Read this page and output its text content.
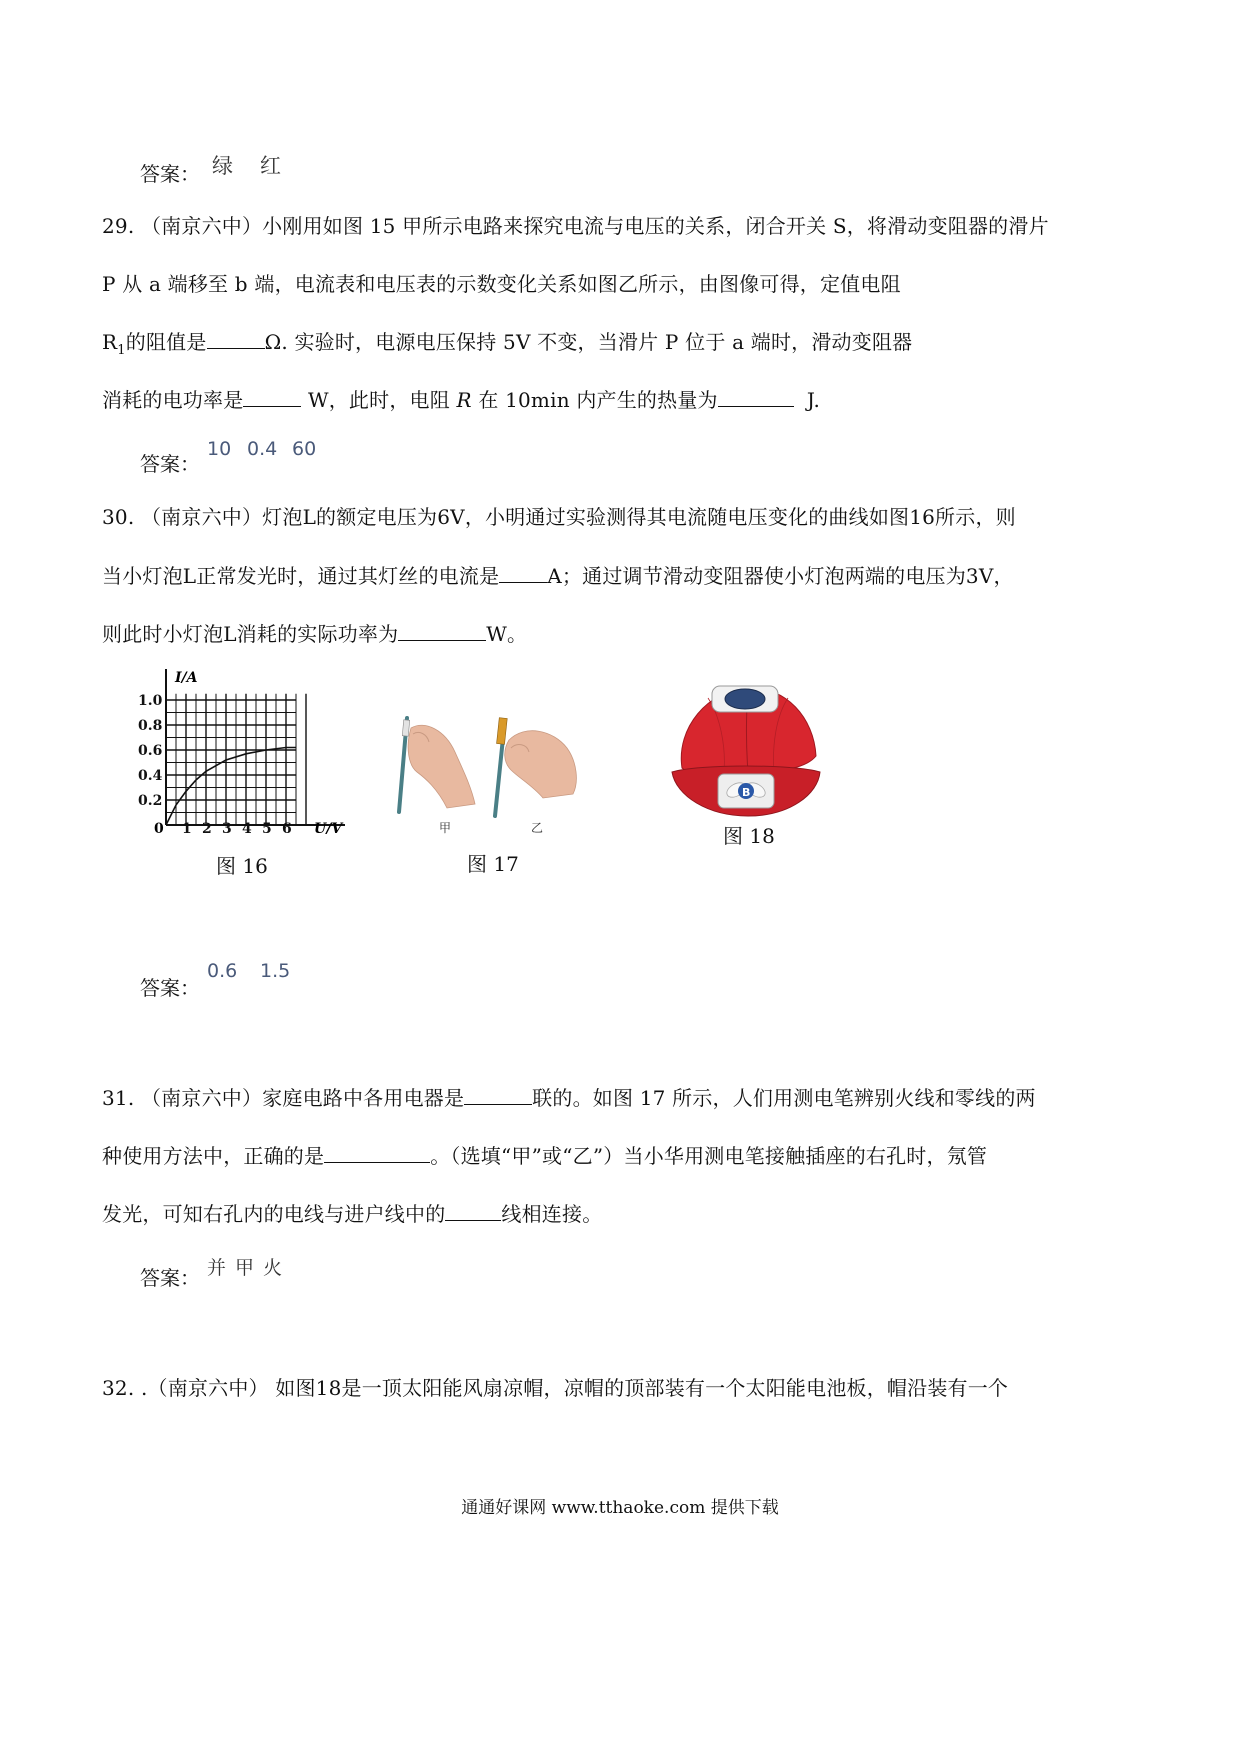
答案： 绿 红
29. （南京六中）小刚用如图 15 甲所示电路来探究电流与电压的关系，闭合开关 S，将滑动变阻器的滑片
P 从 a 端移至 b 端，电流表和电压表的示数变化关系如图乙所示，由图像可得，定值电阻
$R_1$的阻值是	Ω. 实验时，电源电压保持 5V 不变，当滑片 P 位于 a 端时，滑动变阻器
消耗的电功率是	W，此时，电阻 R 在 10min 内产生的热量为	J.
答案：
10 0.4 60
30. （南京六中）灯泡L的额定电压为6V，小明通过实验测得其电流随电压变化的曲线如图16所示，则
当小灯泡L正常发光时，通过其灯丝的电流是 A；通过调节滑动变阻器使小灯泡两端的电压为3V，
则此时小灯泡L消耗的实际功率为	W。
1.0
0.8
0.6
0.4
0.2
1 2 3 4 5 6
I/A
U/V
0
图 16
甲	乙
图 17
B
图 18
答案：
0.6 1.5
31. （南京六中）家庭电路中各用电器是	联的。如图 17 所示，人们用测电笔辨别火线和零线的两
种使用方法中，正确的是	。（选填“甲”或“乙”）当小华用测电笔接触插座的右孔时，氖管
发光，可知右孔内的电线与进户线中的	线相连接。
答案： 并 甲 火
32. .（南京六中） 如图18是一顶太阳能风扇凉帽，凉帽的顶部装有一个太阳能电池板，帽沿装有一个
通通好课网 www.tthaoke.com 提供下载
